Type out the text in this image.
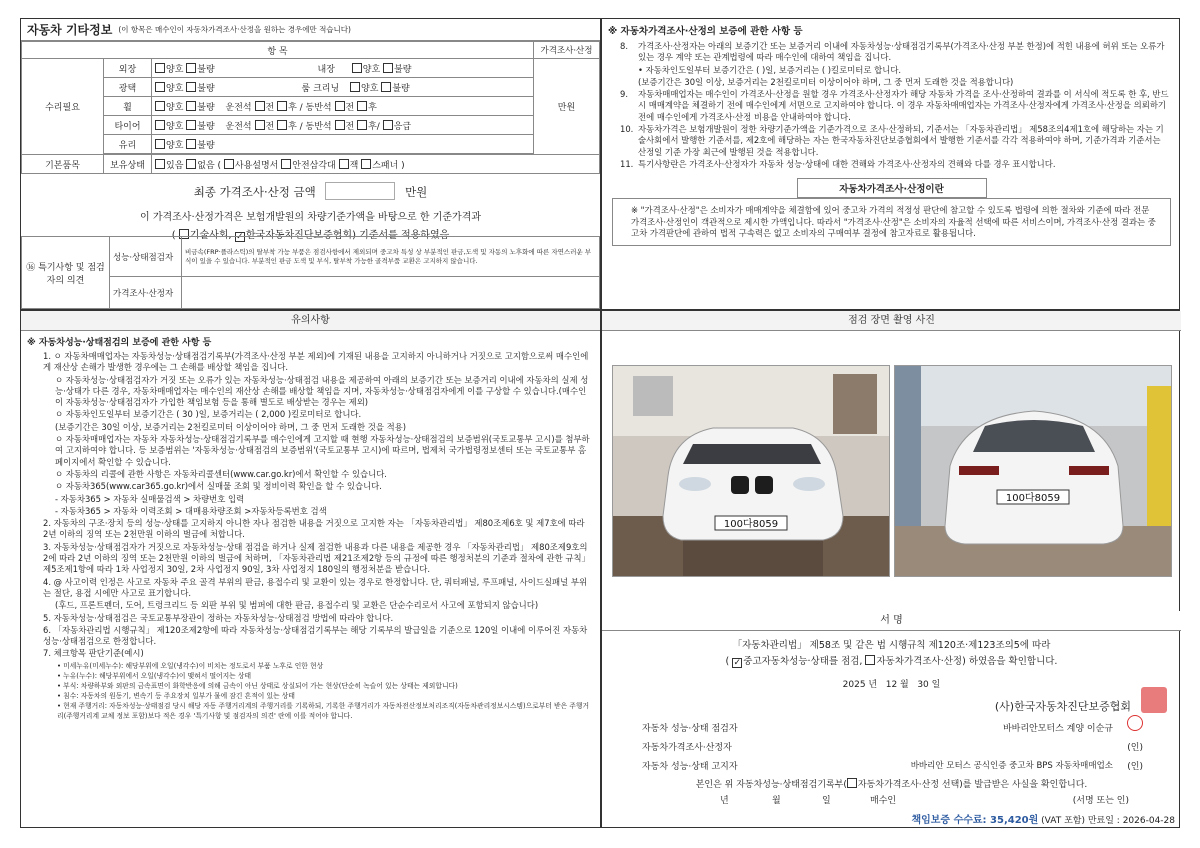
자동차 기타정보 (이 항목은 매수인이 자동차가격조사·산정을 원하는 경우에만 적습니다)
항 목			가격조사·산정
수리필요	외장	양호 불량 내장 양호 불량	만원
	광택	양호 불량 룸 크리닝 양호 불량	
	휠	양호 불량 운전석 전 후 / 동반석 전 후	
	타이어	양호 불량 운전석 전 후 / 동반석 전 후/ 응급	
	유리	양호 불량	

기본품목	보유상태	있음 없음 ( 사용설명서 안전삼각대 잭 스패너 )	
최종 가격조사·산정 금액	만원
이 가격조사·산정가격은 보험개발원의 차량기준가액을 바탕으로 한 기준가격과
( 기술사회, ✓ 한국자동차진단보증협회) 기준서를 적용하였음
⑯ 특기사항 및 점검자의 의견	성능·상태점검자	비금속(FRP·플라스틱)의 탈부착 가능 부품은 점검사항에서 제외되며 중고차 특성 상 부분적인 판금,도색 및 자동의 노후화에 따른 자연스러운 부식이 있을 수 있습니다. 부분적인 판금 도색 및 부식, 탈부착 가능한 골격부품 교환은 고지하지 않습니다.
	가격조사·산정자	
※ 자동차가격조사·산정의 보증에 관한 사항 등
8.	가격조사·산정자는 아래의 보증기간 또는 보증거리 이내에 자동차성능·상태점검기록부(가격조사·산정 부분 한정)에 적힌 내용에 허위 또는 오류가 있는 경우 계약 또는 관계법령에 따라 매수인에 대하여 책임을 집니다.
• 자동차인도일부터 보증기간은 ( )일, 보증거리는 ( )킬로미터로 합니다.
(보증기간은 30일 이상, 보증거리는 2천킬로미터 이상이어야 하며, 그 중 먼저 도래한 것을 적용합니다)
9.	자동차매매업자는 매수인이 가격조사·산정을 원할 경우 가격조사·산정자가 해당 자동차 가격을 조사·산정하여 결과를 이 서식에 적도록 한 후, 반드시 매매계약을 체결하기 전에 매수인에게 서면으로 고지하여야 합니다. 이 경우 자동차매매업자는 가격조사·산정자에게 가격조사·산정을 의뢰하기 전에 매수인에게 가격조사·산정 비용을 안내하여야 합니다.
10. 자동차가격은 보험개발원이 정한 차량기준가액을 기준가격으로 조사·산정하되, 기준서는 「자동차관리법」 제58조의4제1호에 해당하는 자는 기술사회에서 발행한 기준서를, 제2호에 해당하는 자는 한국자동차진단보증협회에서 발행한 기준서를 각각 적용하여야 하며, 기준가격과 기준서는 산정일 기준 가장 최근에 발행된 것을 적용합니다.
11. 특기사항란은 가격조사·산정자가 자동차 성능·상태에 대한 견해와 가격조사·산정자의 견해와 다를 경우 표시합니다.
자동차가격조사·산정이란
※ "가격조사·산정"은 소비자가 매매계약을 체결함에 있어 중고차 가격의 적정성 판단에 참고할 수 있도록 법령에 의한 절차와 기준에 따라 전문 가격조사·산정인이 객관적으로 제시한 가액입니다. 따라서 "가격조사·산정"은 소비자의 자율적 선택에 따른 서비스이며, 가격조사·산정 결과는 중고차 가격판단에 관하여 법적 구속력은 없고 소비자의 구매여부 결정에 참고자료로 활용됩니다.
유의사항
※ 자동차성능·상태점검의 보증에 관한 사항 등
1. ㅇ 자동차매매업자는 자동차성능·상태점검기록부(가격조사·산정 부분 제외)에 기재된 내용을 고지하지 아니하거나 거짓으로 고지함으로써 매수인에게 재산상 손해가 발생한 경우에는 그 손해를 배상할 책임을 집니다.
ㅇ 자동차성능·상태점검자가 거짓 또는 오류가 있는 자동차성능·상태점검 내용을 제공하여 아래의 보증기간 또는 보증거리 이내에 자동차의 실제 성능·상태가 다른 경우, 자동차매매업자는 매수인의 재산상 손해를 배상할 책임을 지며, 자동차성능·상태점검자에게 이를 구상할 수 있습니다.(매수인이 자동차성능·상태점검자가 가입한 책임보험 등을 통해 별도로 배상받는 경우는 제외)
ㅇ 자동차인도일부터 보증기간은 ( 30 )일, 보증거리는 ( 2,000 )킬로미터로 합니다.
(보증기간은 30일 이상, 보증거리는 2천킬로미터 이상이어야 하며, 그 중 먼저 도래한 것을 적용)
ㅇ 자동차매매업자는 자동차 자동차성능·상태점검기록부를 매수인에게 고지할 때 현행 자동차성능·상태점검의 보증범위(국토교통부 고시)를 첨부하여 고지하여야 합니다. 등 보증범위는 '자동차성능·상태점검의 보증범위'(국토교통부 고시)에 따르며, 법제처 국가법령정보센터 또는 국토교통부 홈페이지에서 확인할 수 있습니다.
ㅇ 자동차의 리콜에 관한 사항은 자동차리콜센터(www.car.go.kr)에서 확인할 수 있습니다.
ㅇ 자동차365(www.car365.go.kr)에서 실매물 조회 및 정비이력 확인을 할 수 있습니다.
- 자동차365 > 자동차 실매물검색 > 차량번호 입력
- 자동차365 > 자동차 이력조회 > 대매용차량조회 >자동차등록번호 검색
2. 자동차의 구조·장치 등의 성능·상태를 고지하지 아니한 자나 점검한 내용을 거짓으로 고지한 자는 「자동차관리법」 제80조제6호 및 제7호에 따라 2년 이하의 징역 또는 2천만원 이하의 벌금에 처합니다.
3. 자동차성능·상태점검자가 거짓으로 자동차성능·상태 점검을 하거나 실제 점검한 내용과 다른 내용을 제공한 경우 「자동차관리법」 제80조제9호의2에 따라 2년 이하의 징역 또는 2천만원 이하의 벌금에 처하며, 「자동차관리법 제21조제2항 등의 규정에 따른 행정처분의 기준과 절차에 관한 규칙」 제5조제1항에 따라 1차 사업정지 30일, 2차 사업정지 90일, 3차 사업정지 180일의 행정처분을 받습니다.
4. @ 사고이력 인정은 사고로 자동차 주요 골격 부위의 판금, 용접수리 및 교환이 있는 경우로 한정합니다. 단, 쿼터패널, 루프패널, 사이드실패널 부위는 절단, 용접 시에만 사고로 표기합니다.
(후드, 프론트펜더, 도어, 트렁크리드 등 외판 부위 및 범퍼에 대한 판금, 용접수리 및 교환은 단순수리로서 사고에 포함되지 않습니다)
5. 자동차성능·상태점검은 국토교통부장관이 정하는 자동차성능·상태점검 방법에 따라야 합니다.
6. 「자동차관리법 시행규칙」 제120조제2항에 따라 자동차성능·상태점검기록부는 해당 기록부의 발급일을 기준으로 120일 이내에 이루어진 자동차 성능·상태점검으로 한정합니다.
7. 체크항목 판단기준(예시)
• 미세누유(미세누수): 해당부위에 오일(냉각수)이 비치는 정도로서 부품 노후로 인한 현상
• 누유(누수): 해당부위에서 오일(냉각수)이 맺혀서 떨어지는 상태
• 부식: 차량하부와 외판의 금속표면이 화학반응에 의해 금속이 아닌 상태로 상실되어 가는 현상(단순히 녹슬어 있는 상태는 제외합니다)
• 침수: 자동차의 원동기, 변속기 등 주요장치 일부가 물에 잠긴 흔적이 있는 상태
• 현재 주행거리: 자동차성능·상태점검 당시 해당 자동 주행거리계의 주행거리를 기록하되, 기록한 주행거리가 자동차전산정보처리조직(자동차관리정보시스템)으로부터 받은 주행거리(주행거리계 교체 정보 포함)보다 적은 경우 '특기사항 및 점검자의 의견' 란에 이를 적어야 합니다.
점검 장면 촬영 사진
100다8059
100다8059
서 명
「자동차관리법」 제58조 및 같은 법 시행규칙 제120조·제123조의5에 따라
( ✓ 중고자동차성능·상태를 점검, 자동차가격조사·산정) 하였음을 확인합니다.
2025 년 12 월 30 일
(사)한국자동차진단보증협회
자동차 성능·상태 점검자	바바리안모터스 계양 이순규
자동차가격조사·산정자	(인)
자동차 성능·상태 고지자	바바리안 모터스 공식인증 중고차 BPS 자동차매매업소 (인)
본인은 위 자동차성능·상태점검기록부( 자동차가격조사·산정 선택)를 발급받은 사실을 확인합니다.
년	월	일	매수인	(서명 또는 인)
책임보증 수수료: 35,420원 (VAT 포함) 만료일 : 2026-04-28
